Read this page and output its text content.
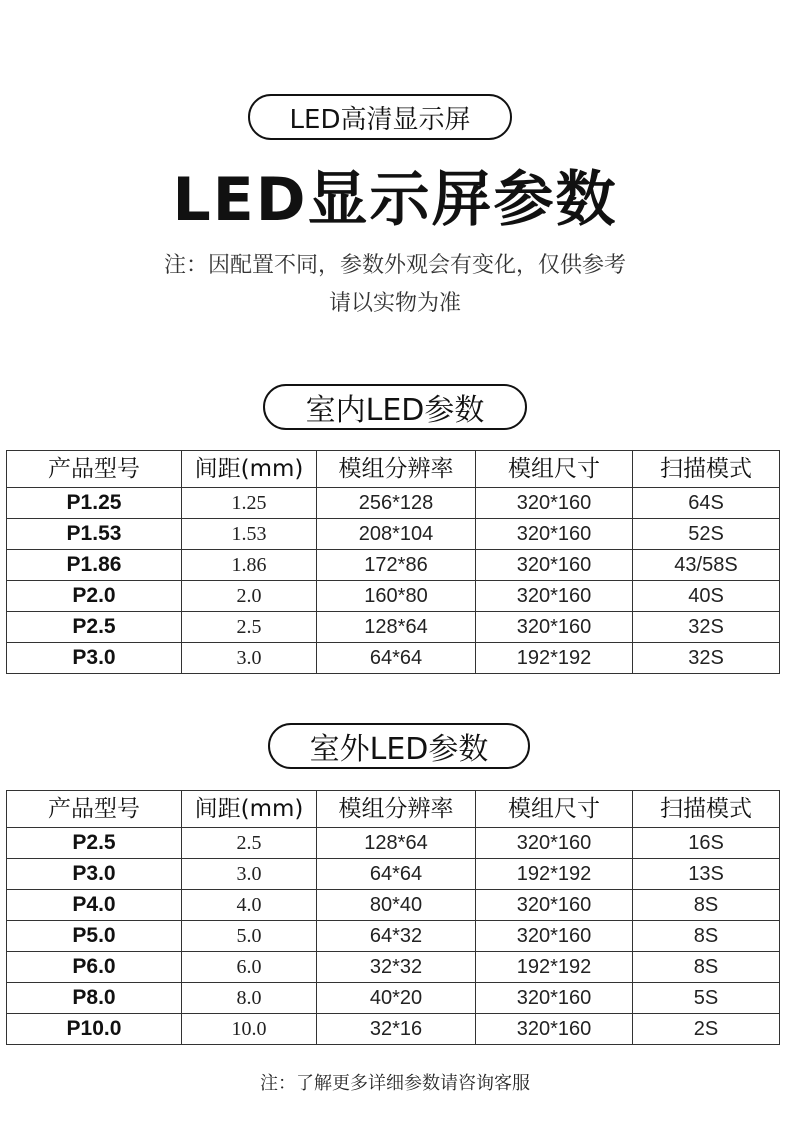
LED高清显示屏
LED显示屏参数
注：因配置不同，参数外观会有变化，仅供参考
请以实物为准
室内LED参数
产品型号	间距(mm)	模组分辨率	模组尺寸	扫描模式
P1.25	1.25	256*128	320*160	64S
P1.53	1.53	208*104	320*160	52S
P1.86	1.86	172*86	320*160	43/58S
P2.0	2.0	160*80	320*160	40S
P2.5	2.5	128*64	320*160	32S
P3.0	3.0	64*64	192*192	32S
室外LED参数
产品型号	间距(mm)	模组分辨率	模组尺寸	扫描模式
P2.5	2.5	128*64	320*160	16S
P3.0	3.0	64*64	192*192	13S
P4.0	4.0	80*40	320*160	8S
P5.0	5.0	64*32	320*160	8S
P6.0	6.0	32*32	192*192	8S
P8.0	8.0	40*20	320*160	5S
P10.0	10.0	32*16	320*160	2S
注：了解更多详细参数请咨询客服
